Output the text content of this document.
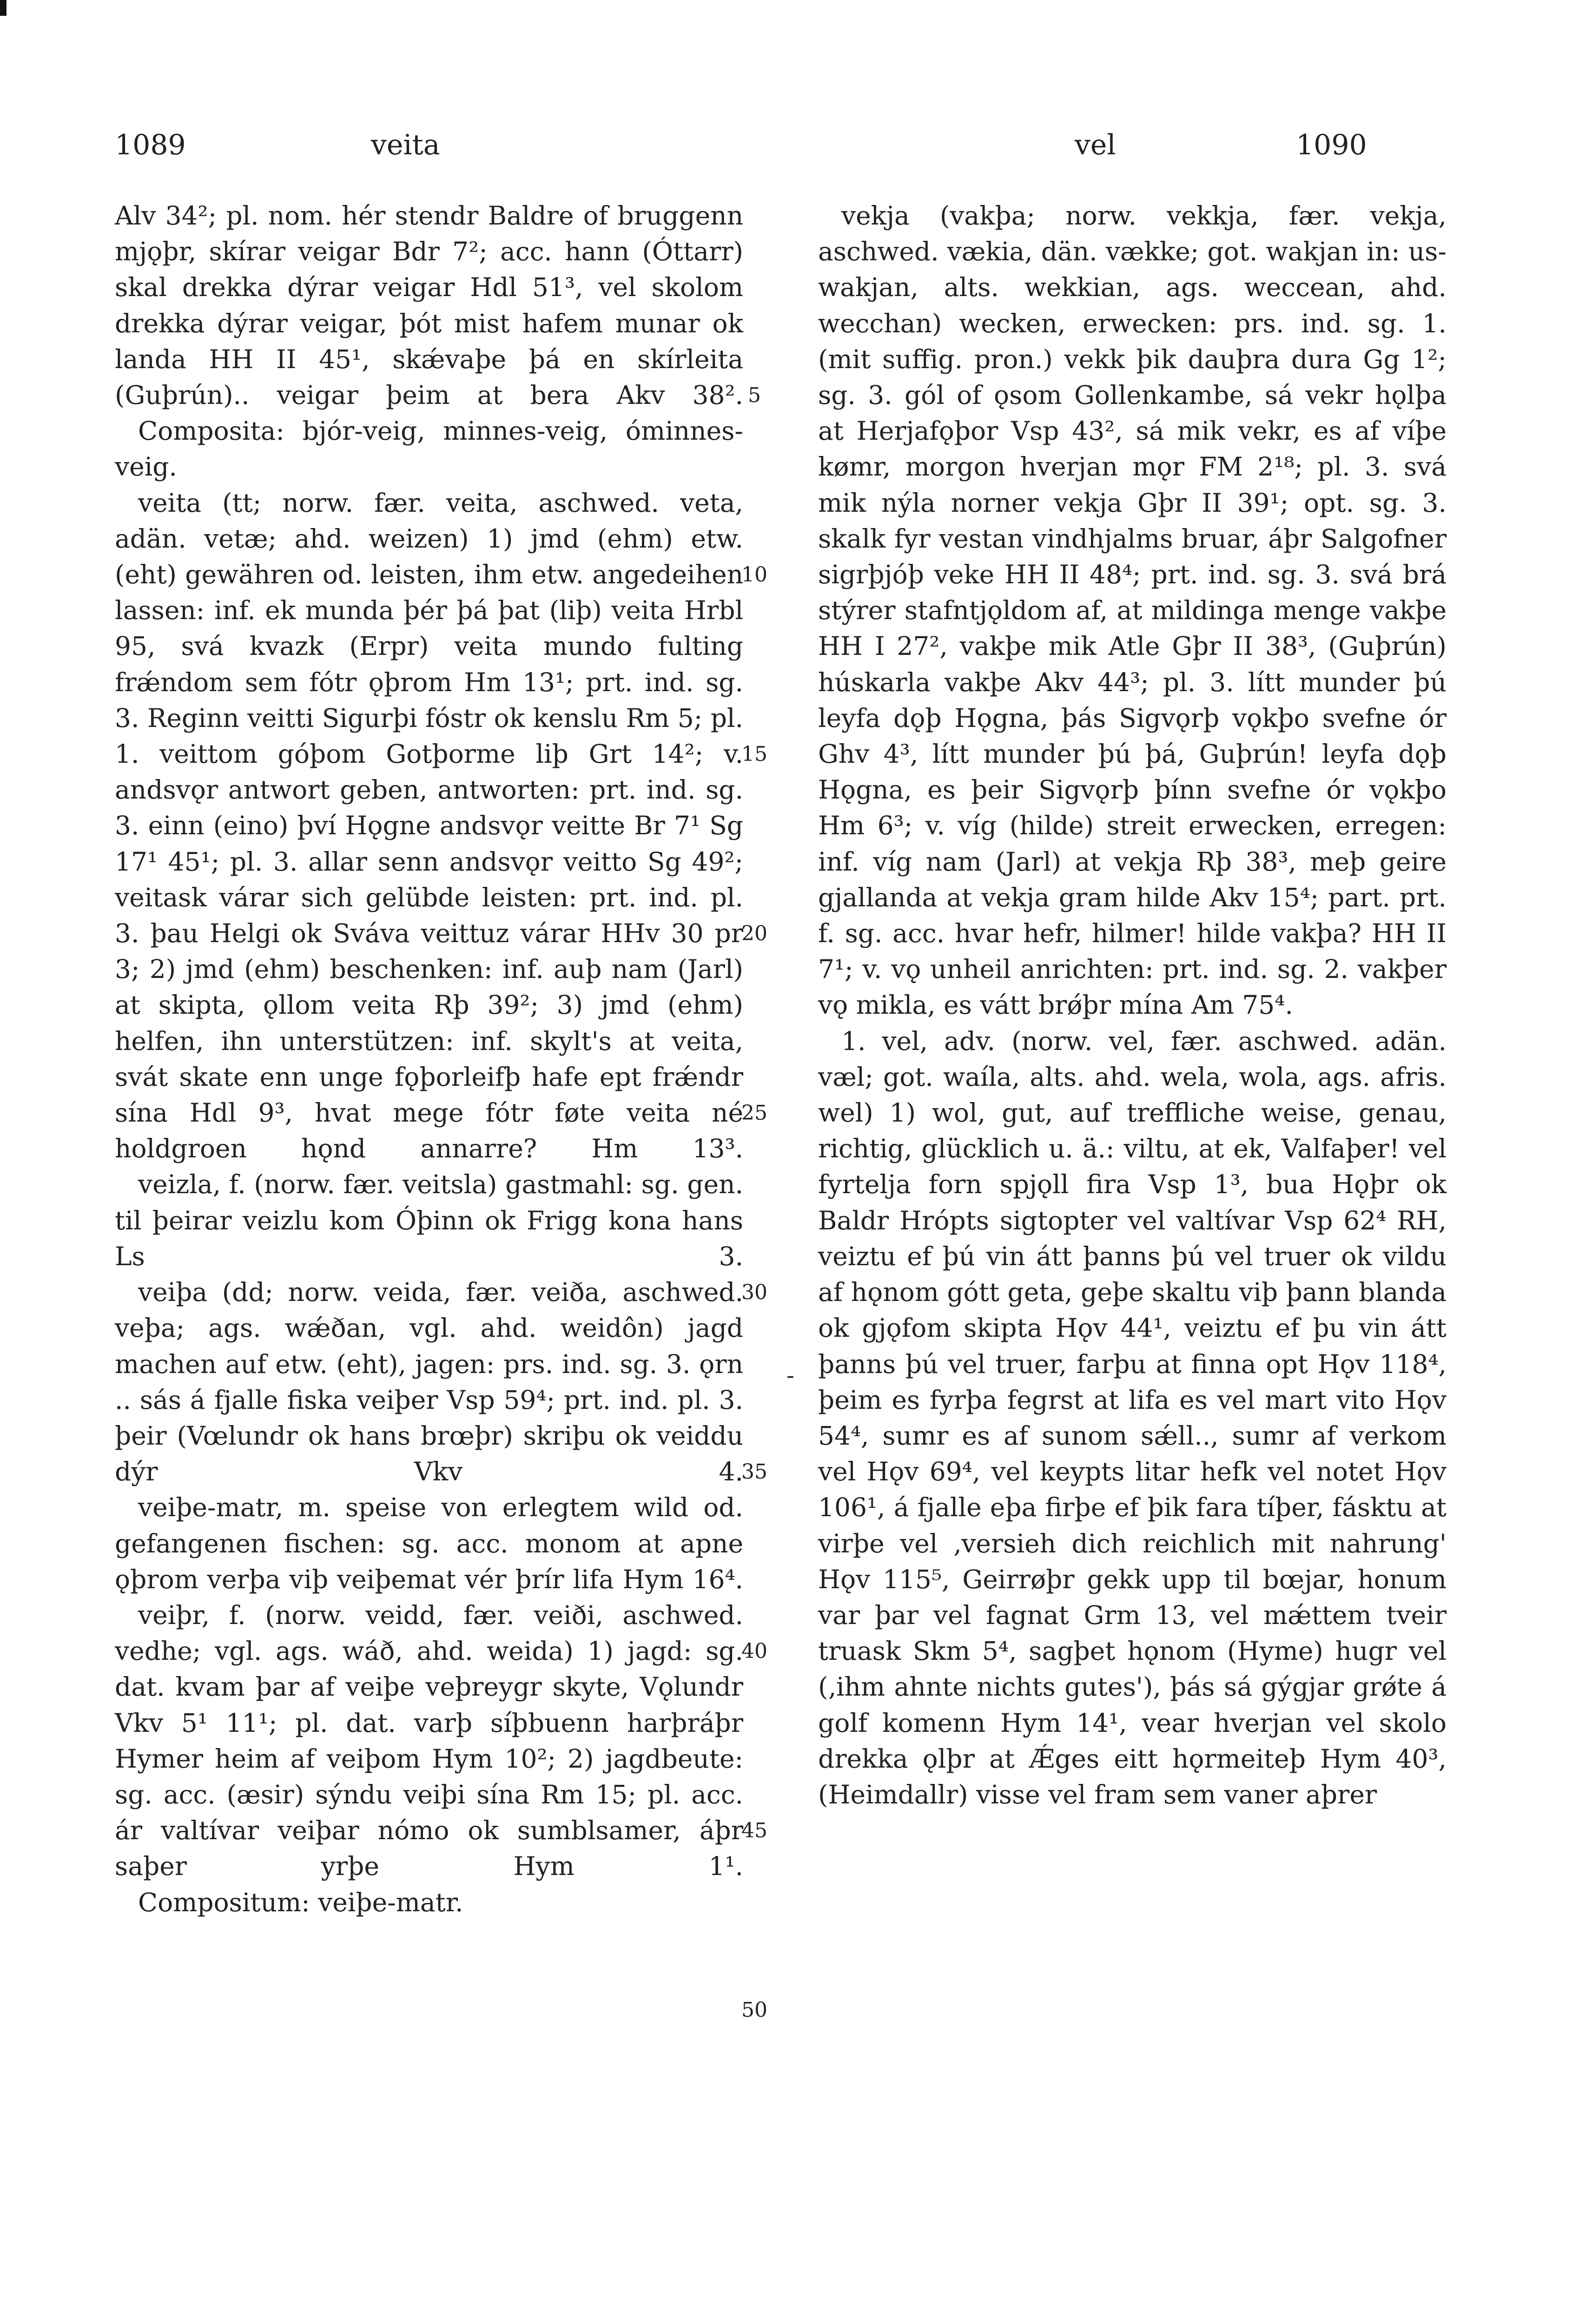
1089	veita	vel	1090

Alv 34²; pl. nom. hér stendr Baldre of bruggenn mjǫþr, skírar veigar Bdr 7²; acc. hann (Óttarr) skal drekka dýrar veigar Hdl 51³, vel skolom drekka dýrar veigar, þót mist hafem munar ok landa HH II 45¹, skǽvaþe þá en skírleita (Guþrún).. veigar þeim at bera Akv 38².

Composita: bjór-veig, minnes-veig, óminnes-veig.

veita (tt; norw. fær. veita, aschwed. veta, adän. vetæ; ahd. weizen) 1) jmd (ehm) etw. (eht) gewähren od. leisten, ihm etw. angedeihen lassen: inf. ek munda þér þá þat (liþ) veita Hrbl 95, svá kvazk (Erpr) veita mundo fulting frǽndom sem fótr ǫþrom Hm 13¹; prt. ind. sg. 3. Reginn veitti Sigurþi fóstr ok kenslu Rm 5; pl. 1. veittom góþom Gotþorme liþ Grt 14²; v. andsvǫr antwort geben, antworten: prt. ind. sg. 3. einn (eino) því Hǫgne andsvǫr veitte Br 7¹ Sg 17¹ 45¹; pl. 3. allar senn andsvǫr veitto Sg 49²; veitask várar sich gelübde leisten: prt. ind. pl. 3. þau Helgi ok Sváva veittuz várar HHv 30 pr 3; 2) jmd (ehm) beschenken: inf. auþ nam (Jarl) at skipta, ǫllom veita Rþ 39²; 3) jmd (ehm) helfen, ihn unterstützen: inf. skylt's at veita, svát skate enn unge fǫþorleifþ hafe ept frǽndr sína Hdl 9³, hvat mege fótr føte veita né holdgroen hǫnd annarre? Hm 13³.

veizla, f. (norw. fær. veitsla) gastmahl: sg. gen. til þeirar veizlu kom Óþinn ok Frigg kona hans Ls 3.

veiþa (dd; norw. veida, fær. veiða, aschwed. veþa; ags. wǽðan, vgl. ahd. weidôn) jagd machen auf etw. (eht), jagen: prs. ind. sg. 3. ǫrn .. sás á fjalle fiska veiþer Vsp 59⁴; prt. ind. pl. 3. þeir (Vœlundr ok hans brœþr) skriþu ok veiddu dýr Vkv 4.

veiþe-matr, m. speise von erlegtem wild od. gefangenen fischen: sg. acc. monom at apne ǫþrom verþa viþ veiþemat vér þrír lifa Hym 16⁴.

veiþr, f. (norw. veidd, fær. veiði, aschwed. vedhe; vgl. ags. wáð, ahd. weida) 1) jagd: sg. dat. kvam þar af veiþe veþreygr skyte, Vǫlundr Vkv 5¹ 11¹; pl. dat. varþ síþbuenn harþráþr Hymer heim af veiþom Hym 10²; 2) jagdbeute: sg. acc. (æsir) sýndu veiþi sína Rm 15; pl. acc. ár valtívar veiþar nómo ok sumblsamer, áþr saþer yrþe Hym 1¹.

Compositum: veiþe-matr.

5
10
15
20
25
30
35
40
45
50
-

vekja (vakþa; norw. vekkja, fær. vekja, aschwed. vækia, dän. vække; got. wakjan in: us-wakjan, alts. wekkian, ags. weccean, ahd. wecchan) wecken, erwecken: prs. ind. sg. 1. (mit suffig. pron.) vekk þik dauþra dura Gg 1²; sg. 3. gól of ǫsom Gollenkambe, sá vekr hǫlþa at Herjafǫþor Vsp 43², sá mik vekr, es af víþe kømr, morgon hverjan mǫr FM 2¹⁸; pl. 3. svá mik nýla norner vekja Gþr II 39¹; opt. sg. 3. skalk fyr vestan vindhjalms bruar, áþr Salgofner sigrþjóþ veke HH II 48⁴; prt. ind. sg. 3. svá brá stýrer stafntjǫldom af, at mildinga menge vakþe HH I 27², vakþe mik Atle Gþr II 38³, (Guþrún) húskarla vakþe Akv 44³; pl. 3. lítt munder þú leyfa dǫþ Hǫgna, þás Sigvǫrþ vǫkþo svefne ór Ghv 4³, lítt munder þú þá, Guþrún! leyfa dǫþ Hǫgna, es þeir Sigvǫrþ þínn svefne ór vǫkþo Hm 6³; v. víg (hilde) streit erwecken, erregen: inf. víg nam (Jarl) at vekja Rþ 38³, meþ geire gjallanda at vekja gram hilde Akv 15⁴; part. prt. f. sg. acc. hvar hefr, hilmer! hilde vakþa? HH II 7¹; v. vǫ unheil anrichten: prt. ind. sg. 2. vakþer vǫ mikla, es vátt brǿþr mína Am 75⁴.

1. vel, adv. (norw. vel, fær. aschwed. adän. væl; got. waíla, alts. ahd. wela, wola, ags. afris. wel) 1) wol, gut, auf treffliche weise, genau, richtig, glücklich u. ä.: viltu, at ek, Valfaþer! vel fyrtelja forn spjǫll fira Vsp 1³, bua Hǫþr ok Baldr Hrópts sigtopter vel valtívar Vsp 62⁴ RH, veiztu ef þú vin átt þanns þú vel truer ok vildu af hǫnom gótt geta, geþe skaltu viþ þann blanda ok gjǫfom skipta Hǫv 44¹, veiztu ef þu vin átt þanns þú vel truer, farþu at finna opt Hǫv 118⁴, þeim es fyrþa fegrst at lifa es vel mart vito Hǫv 54⁴, sumr es af sunom sǽll.., sumr af verkom vel Hǫv 69⁴, vel keypts litar hefk vel notet Hǫv 106¹, á fjalle eþa firþe ef þik fara tíþer, fásktu at virþe vel ‚versieh dich reichlich mit nahrung' Hǫv 115⁵, Geirrøþr gekk upp til bœjar, honum var þar vel fagnat Grm 13, vel mǽttem tveir truask Skm 5⁴, sagþet hǫnom (Hyme) hugr vel (‚ihm ahnte nichts gutes'), þás sá gýgjar grǿte á golf komenn Hym 14¹, vear hverjan vel skolo drekka ǫlþr at Ǽges eitt hǫrmeiteþ Hym 40³, (Heimdallr) visse vel fram sem vaner aþrer
